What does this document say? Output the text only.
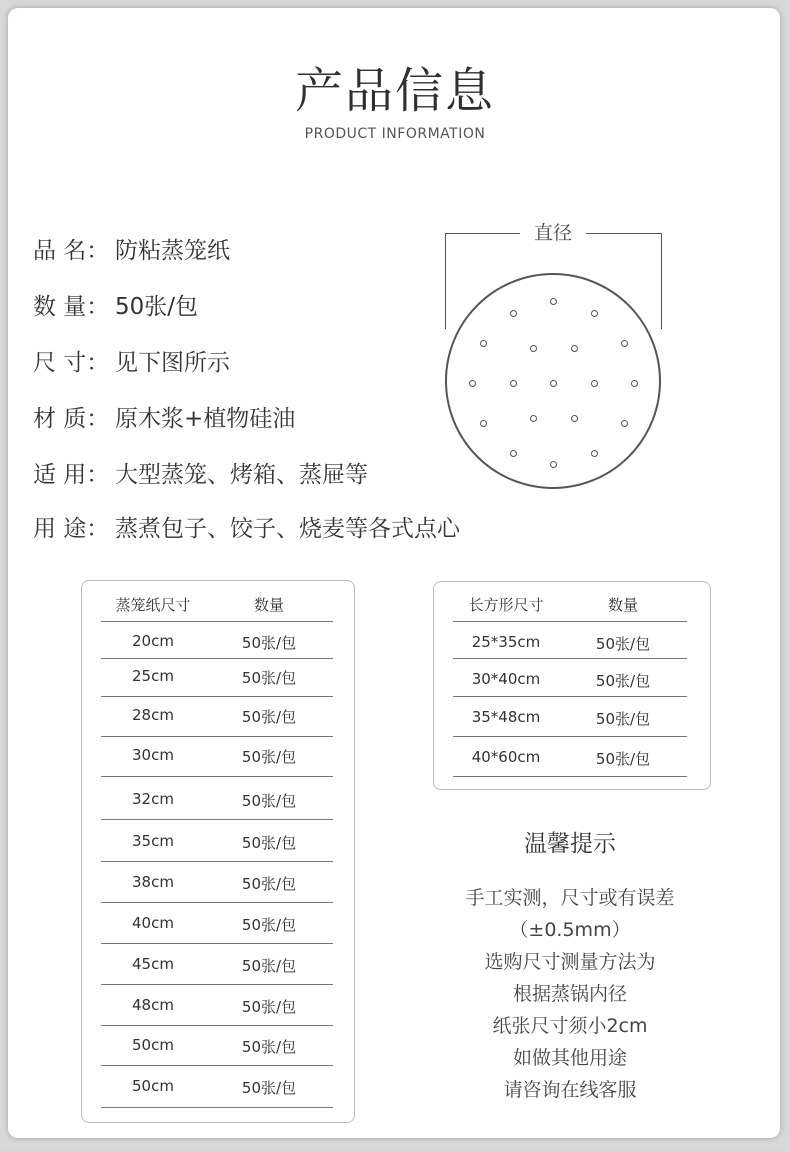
产品信息
PRODUCT INFORMATION
品 名： 防粘蒸笼纸
数 量： 50张/包
尺 寸： 见下图所示
材 质： 原木浆+植物硅油
适 用： 大型蒸笼、烤箱、蒸屉等
用 途： 蒸煮包子、饺子、烧麦等各式点心
直径
蒸笼纸尺寸	数量
20cm	50张/包
25cm	50张/包
28cm	50张/包
30cm	50张/包
32cm	50张/包
35cm	50张/包
38cm	50张/包
40cm	50张/包
45cm	50张/包
48cm	50张/包
50cm	50张/包
50cm	50张/包
长方形尺寸	数量
25*35cm	50张/包
30*40cm	50张/包
35*48cm	50张/包
40*60cm	50张/包
温馨提示
手工实测，尺寸或有误差
（±0.5mm）
选购尺寸测量方法为
根据蒸锅内径
纸张尺寸须小2cm
如做其他用途
请咨询在线客服
